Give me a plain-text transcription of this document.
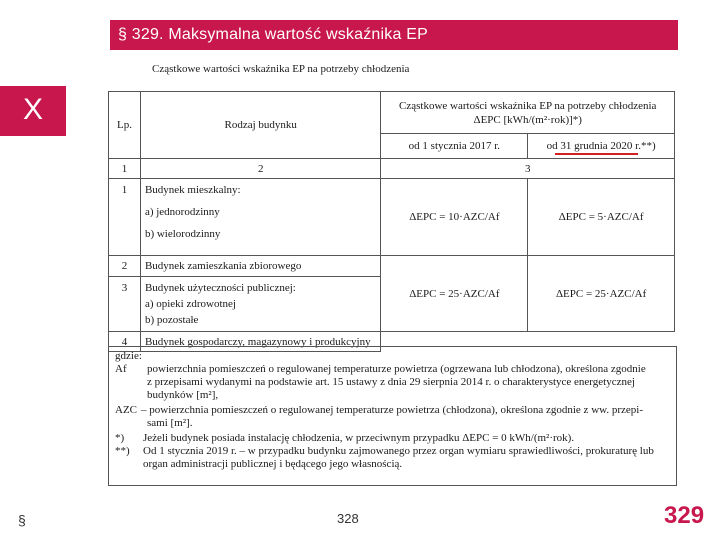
§ 329. Maksymalna wartość wskaźnika EP
X
Cząstkowe wartości wskaźnika EP na potrzeby chłodzenia
Lp.	Rodzaj budynku	Cząstkowe wartości wskaźnika EP na potrzeby chłodzenia
ΔEPC [kWh/(m²·rok)]*)	

		od 1 stycznia 2017 r.	od 31 grudnia 2020 r.**)
1	2	3	
1	Budynek mieszkalny:
a) jednorodzinny
b) wielorodzinny	ΔEPC = 10·AZC/Af	ΔEPC = 5·AZC/Af
2	Budynek zamieszkania zbiorowego	ΔEPC = 25·AZC/Af	ΔEPC = 25·AZC/Af
3	Budynek użyteczności publicznej:
a) opieki zdrowotnej
b) pozostałe		

4	Budynek gospodarczy, magazynowy i produkcyjny		
gdzie:
Af powierzchnia pomieszczeń o regulowanej temperaturze powietrza (ogrzewana lub chłodzona), określona zgodnie
z przepisami wydanymi na podstawie art. 15 ustawy z dnia 29 sierpnia 2014 r. o charakterystyce energetycznej
budynków [m²],
AZC – powierzchnia pomieszczeń o regulowanej temperaturze powietrza (chłodzona), określona zgodnie z ww. przepi-
sami [m²].
*) Jeżeli budynek posiada instalację chłodzenia, w przeciwnym przypadku ΔEPC = 0 kWh/(m²·rok).
**) Od 1 stycznia 2019 r. – w przypadku budynku zajmowanego przez organ wymiaru sprawiedliwości, prokuraturę lub
organ administracji publicznej i będącego jego własnością.
§	328	329
